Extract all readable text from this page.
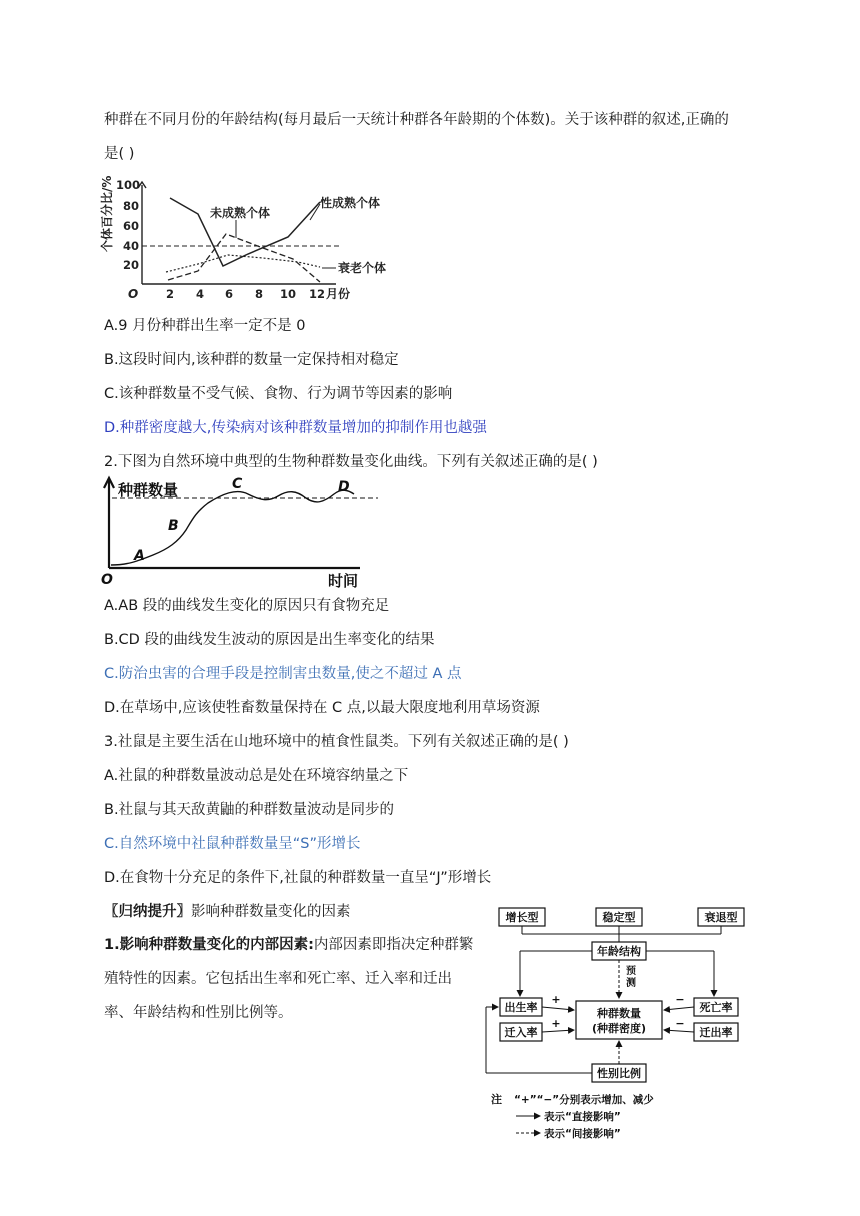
种群在不同月份的年龄结构(每月最后一天统计种群各年龄期的个体数)。关于该种群的叙述,正确的
是( )
个体百分比/% 100
80
60
40
20
O 2 4 6 8 10 12 月份
未成熟个体
性成熟个体
衰老个体
A.9 月份种群出生率一定不是 0
B.这段时间内,该种群的数量一定保持相对稳定
C.该种群数量不受气候、食物、行为调节等因素的影响
D.种群密度越大,传染病对该种群数量增加的抑制作用也越强
2.下图为自然环境中典型的生物种群数量变化曲线。下列有关叙述正确的是( )
种群数量
O	时间
A
B
C	D
A.AB 段的曲线发生变化的原因只有食物充足
B.CD 段的曲线发生波动的原因是出生率变化的结果
C.防治虫害的合理手段是控制害虫数量,使之不超过 A 点
D.在草场中,应该使牲畜数量保持在 C 点,以最大限度地利用草场资源
3.社鼠是主要生活在山地环境中的植食性鼠类。下列有关叙述正确的是( )
A.社鼠的种群数量波动总是处在环境容纳量之下
B.社鼠与其天敌黄鼬的种群数量波动是同步的
C.自然环境中社鼠种群数量呈“S”形增长
D.在食物十分充足的条件下,社鼠的种群数量一直呈“J”形增长
〖归纳提升〗影响种群数量变化的因素
1.影响种群数量变化的内部因素:内部因素即指决定种群繁殖特性的因素。它包括出生率和死亡率、迁入率和迁出率、年龄结构和性别比例等。
增长型	稳定型	衰退型
年龄结构
预
测
种群数量
(种群密度)
出生率
迁入率
+
+
死亡率
迁出率
−
−
性别比例
注 “+”“−”分别表示增加、减少
表示“直接影响”
表示“间接影响”
